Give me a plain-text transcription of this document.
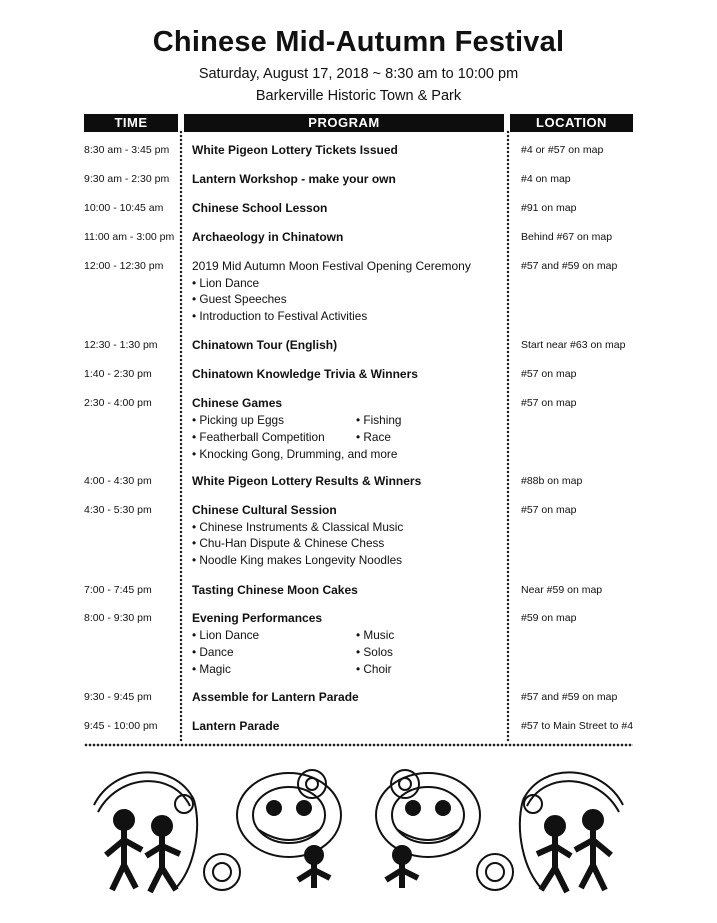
Chinese Mid-Autumn Festival
Saturday, August 17, 2018 ~ 8:30 am to 10:00 pm
Barkerville Historic Town & Park
TIME	PROGRAM	LOCATION
8:30 am - 3:45 pm White Pigeon Lottery Tickets Issued	#4 or #57 on map
9:30 am - 2:30 pm Lantern Workshop - make your own	#4 on map
10:00 - 10:45 am Chinese School Lesson	#91 on map
11:00 am - 3:00 pm Archaeology in Chinatown	Behind #67 on map
12:00 - 12:30 pm 2019 Mid Autumn Moon Festival Opening Ceremony
• Lion Dance
• Guest Speeches
• Introduction to Festival Activities
#57 and #59 on map
12:30 - 1:30 pm	Chinatown Tour (English)	Start near #63 on map
1:40 - 2:30 pm	Chinatown Knowledge Trivia & Winners	#57 on map
2:30 - 4:00 pm	Chinese Games
• Picking up Eggs	• Fishing
• Featherball Competition	• Race
• Knocking Gong, Drumming, and more
#57 on map
4:00 - 4:30 pm	White Pigeon Lottery Results & Winners	#88b on map
4:30 - 5:30 pm	Chinese Cultural Session
• Chinese Instruments & Classical Music
• Chu-Han Dispute & Chinese Chess
• Noodle King makes Longevity Noodles
#57 on map
7:00 - 7:45 pm	Tasting Chinese Moon Cakes	Near #59 on map
8:00 - 9:30 pm	Evening Performances
• Lion Dance	• Music
• Dance	• Solos
• Magic	• Choir
#59 on map
9:30 - 9:45 pm	Assemble for Lantern Parade	#57 and #59 on map
9:45 - 10:00 pm	Lantern Parade	#57 to Main Street to #4
